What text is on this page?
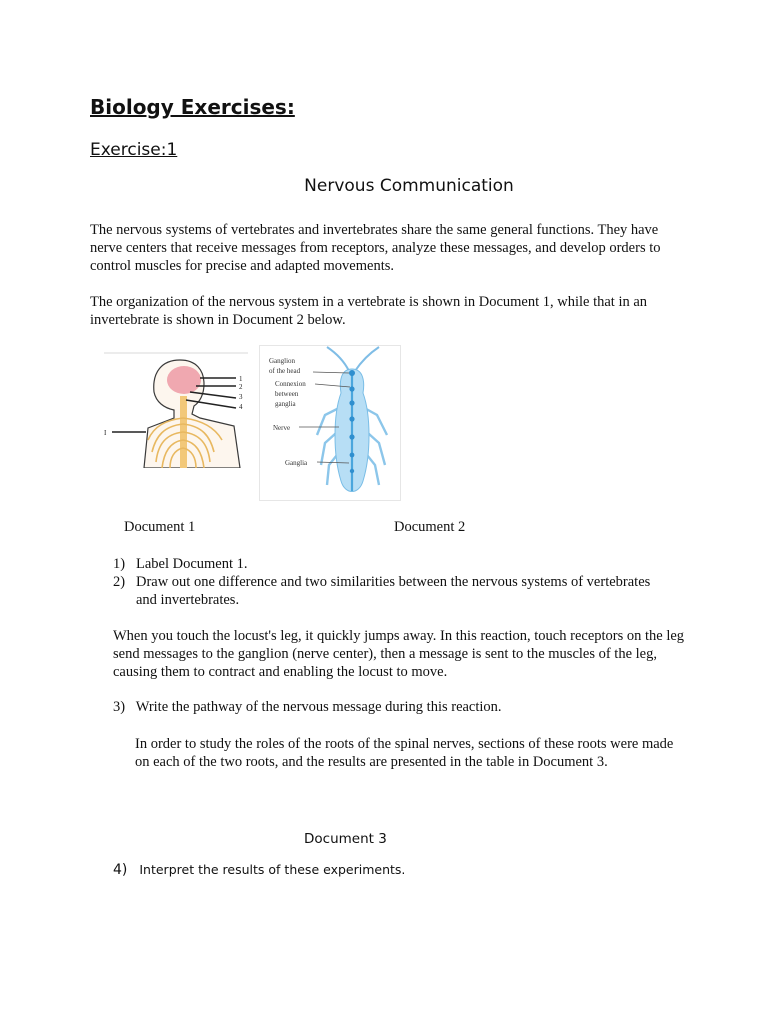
Biology Exercises:
Exercise:1
Nervous Communication
The nervous systems of vertebrates and invertebrates share the same general functions. They have nerve centers that receive messages from receptors, analyze these messages, and develop orders to control muscles for precise and adapted movements.
The organization of the nervous system in a vertebrate is shown in Document 1, while that in an invertebrate is shown in Document 2 below.
1
2
3
4
I
Ganglion
of the head
Connexion
between
ganglia
Nerve
Ganglia
Document 1	Document 2
1) Label Document 1.
2) Draw out one difference and two similarities between the nervous systems of vertebrates
and invertebrates.
When you touch the locust's leg, it quickly jumps away. In this reaction, touch receptors on the leg send messages to the ganglion (nerve center), then a message is sent to the muscles of the leg, causing them to contract and enabling the locust to move.
3) Write the pathway of the nervous message during this reaction.
In order to study the roles of the roots of the spinal nerves, sections of these roots were made on each of the two roots, and the results are presented in the table in Document 3.
Document 3
4) Interpret the results of these experiments.
